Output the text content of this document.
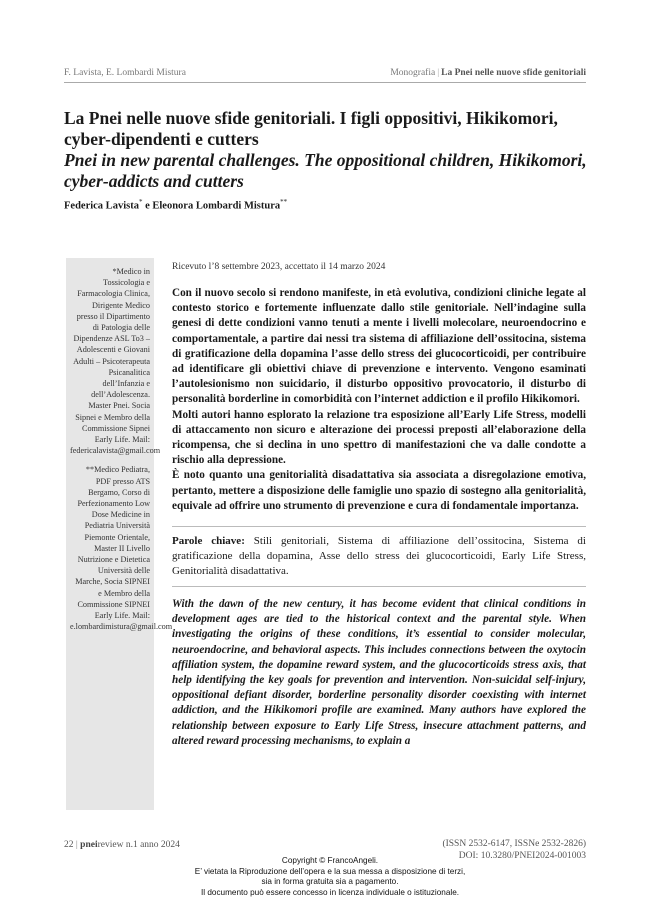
F. Lavista, E. Lombardi Mistura	Monografia | La Pnei nelle nuove sfide genitoriali
La Pnei nelle nuove sfide genitoriali. I figli oppositivi, Hikikomori, cyber-dipendenti e cutters
Pnei in new parental challenges. The oppositional children, Hikikomori, cyber-addicts and cutters
Federica Lavista* e Eleonora Lombardi Mistura**

*Medico in Tossicologia e Farmacologia Clinica, Dirigente Medico presso il Dipartimento di Patologia delle Dipendenze ASL To3 – Adolescenti e Giovani Adulti – Psicoterapeuta Psicanalitica dell’Infanzia e dell’Adolescenza. Master Pnei. Socia Sipnei e Membro della Commissione Sipnei Early Life. Mail: federicalavista@gmail.com

**Medico Pediatra, PDF presso ATS Bergamo, Corso di Perfezionamento Low Dose Medicine in Pediatria Università Piemonte Orientale, Master II Livello Nutrizione e Dietetica Università delle Marche, Socia SIPNEI e Membro della Commissione SIPNEI Early Life. Mail: e.lombardimistura@gmail.com

Ricevuto l’8 settembre 2023, accettato il 14 marzo 2024

Con il nuovo secolo si rendono manifeste, in età evolutiva, condizioni cliniche legate al contesto storico e fortemente influenzate dallo stile genitoriale. Nell’indagine sulla genesi di dette condizioni vanno tenuti a mente i livelli molecolare, neuroendocrino e comportamentale, a partire dai nessi tra sistema di affiliazione dell’ossitocina, sistema di gratificazione della dopamina l’asse dello stress dei glucocorticoidi, per contribuire ad identificare gli obiettivi chiave di prevenzione e intervento. Vengono esaminati l’autolesionismo non suicidario, il disturbo oppositivo provocatorio, il disturbo di personalità borderline in comorbidità con l’internet addiction e il profilo Hikikomori.

Molti autori hanno esplorato la relazione tra esposizione all’Early Life Stress, modelli di attaccamento non sicuro e alterazione dei processi preposti all’elaborazione della ricompensa, che si declina in uno spettro di manifestazioni che va dalle condotte a rischio alla depressione.

È noto quanto una genitorialità disadattativa sia associata a disregolazione emotiva, pertanto, mettere a disposizione delle famiglie uno spazio di sostegno alla genitorialità, equivale ad offrire uno strumento di prevenzione e cura di fondamentale importanza.

Parole chiave: Stili genitoriali, Sistema di affiliazione dell’ossitocina, Sistema di gratificazione della dopamina, Asse dello stress dei glucocorticoidi, Early Life Stress, Genitorialità disadattativa.
With the dawn of the new century, it has become evident that clinical conditions in development ages are tied to the historical context and the parental style. When investigating the origins of these conditions, it’s essential to consider molecular, neuroendocrine, and behavioral aspects. This includes connections between the oxytocin affiliation system, the dopamine reward system, and the glucocorticoids stress axis, that help identifying the key goals for prevention and intervention. Non-suicidal self-injury, oppositional defiant disorder, borderline personality disorder coexisting with internet addiction, and the Hikikomori profile are examined. Many authors have explored the relationship between exposure to Early Life Stress, insecure attachment patterns, and altered reward processing mechanisms, to explain a
22 | pneireview n.1 anno 2024	(ISSN 2532-6147, ISSNe 2532-2826)
DOI: 10.3280/PNEI2024-001003
Copyright © FrancoAngeli.
E’ vietata la Riproduzione dell’opera e la sua messa a disposizione di terzi,
sia in forma gratuita sia a pagamento.
Il documento può essere concesso in licenza individuale o istituzionale.
